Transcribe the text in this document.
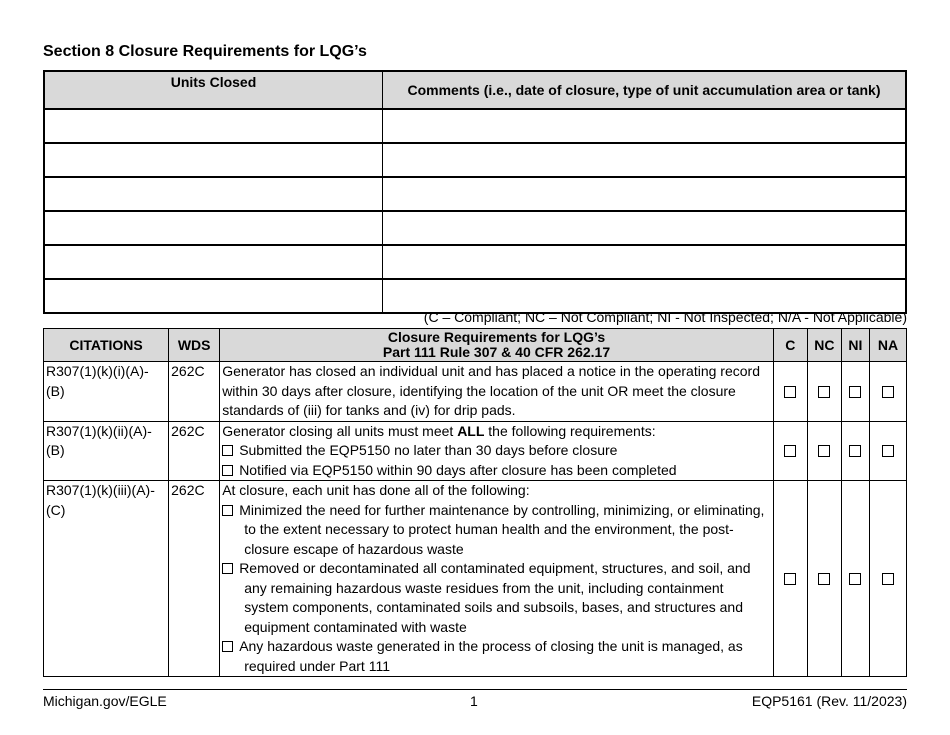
Section 8 Closure Requirements for LQG’s
Units Closed	Comments (i.e., date of closure, type of unit accumulation area or tank)

(C – Compliant; NC – Not Compliant; NI - Not Inspected; N/A - Not Applicable)
CITATIONS	WDS	Closure Requirements for LQG’s
Part 111 Rule 307 & 40 CFR 262.17	C	NC	NI	NA
R307(1)(k)(i)(A)-(B)	262C	Generator has closed an individual unit and has placed a notice in the operating record within 30 days after closure, identifying the location of the unit OR meet the closure standards of (iii) for tanks and (iv) for drip pads.				
R307(1)(k)(ii)(A)-(B)	262C	Generator closing all units must meet ALL the following requirements:
Submitted the EQP5150 no later than 30 days before closure
Notified via EQP5150 within 90 days after closure has been completed				

R307(1)(k)(iii)(A)-(C)	262C	At closure, each unit has done all of the following:
Minimized the need for further maintenance by controlling, minimizing, or eliminating, to the extent necessary to protect human health and the environment, the post-closure escape of hazardous waste
Removed or decontaminated all contaminated equipment, structures, and soil, and any remaining hazardous waste residues from the unit, including containment system components, contaminated soils and subsoils, bases, and structures and equipment contaminated with waste
Any hazardous waste generated in the process of closing the unit is managed, as required under Part 111				

Michigan.gov/EGLE	1	EQP5161 (Rev. 11/2023)
